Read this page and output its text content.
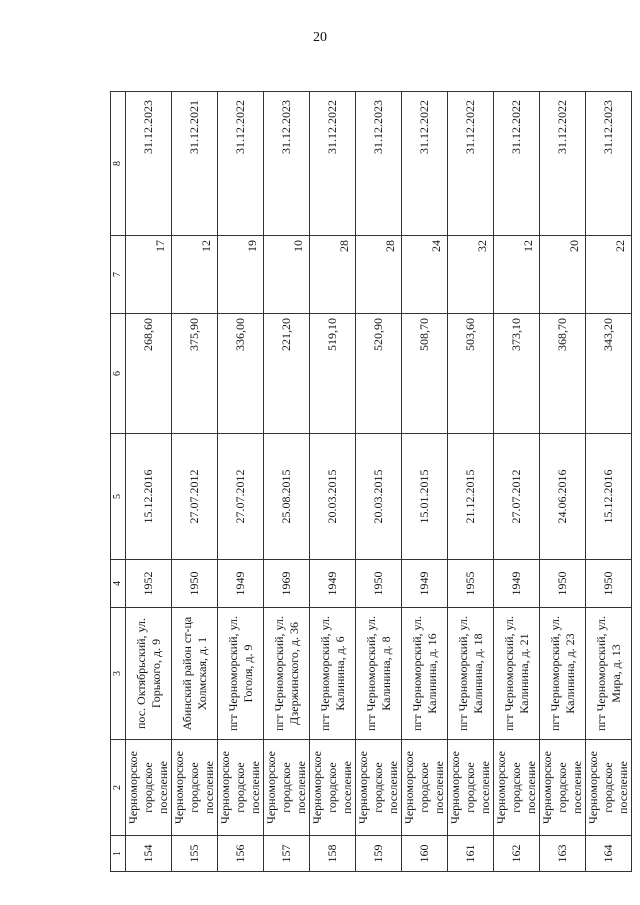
20
1	2	3	4	5	6	7	8
154	Черноморское городское поселение	пос. Октябрьский, ул. Горького, д. 9	1952	15.12.2016	268,60	17	31.12.2023
155	Черноморское городское поселение	Абинский район ст-ца Холмская, д. 1	1950	27.07.2012	375,90	12	31.12.2021
156	Черноморское городское поселение	пгт Черноморский, ул. Гоголя, д. 9	1949	27.07.2012	336,00	19	31.12.2022
157	Черноморское городское поселение	пгт Черноморский, ул. Дзержинского, д. 36	1969	25.08.2015	221,20	10	31.12.2023
158	Черноморское городское поселение	пгт Черноморский, ул. Калинина, д. 6	1949	20.03.2015	519,10	28	31.12.2022
159	Черноморское городское поселение	пгт Черноморский, ул. Калинина, д. 8	1950	20.03.2015	520,90	28	31.12.2023
160	Черноморское городское поселение	пгт Черноморский, ул. Калинина, д. 16	1949	15.01.2015	508,70	24	31.12.2022
161	Черноморское городское поселение	пгт Черноморский, ул. Калинина, д. 18	1955	21.12.2015	503,60	32	31.12.2022
162	Черноморское городское поселение	пгт Черноморский, ул. Калинина, д. 21	1949	27.07.2012	373,10	12	31.12.2022
163	Черноморское городское поселение	пгт Черноморский, ул. Калинина, д. 23	1950	24.06.2016	368,70	20	31.12.2022
164	Черноморское городское поселение	пгт Черноморский, ул. Мира, д. 13	1950	15.12.2016	343,20	22	31.12.2023
